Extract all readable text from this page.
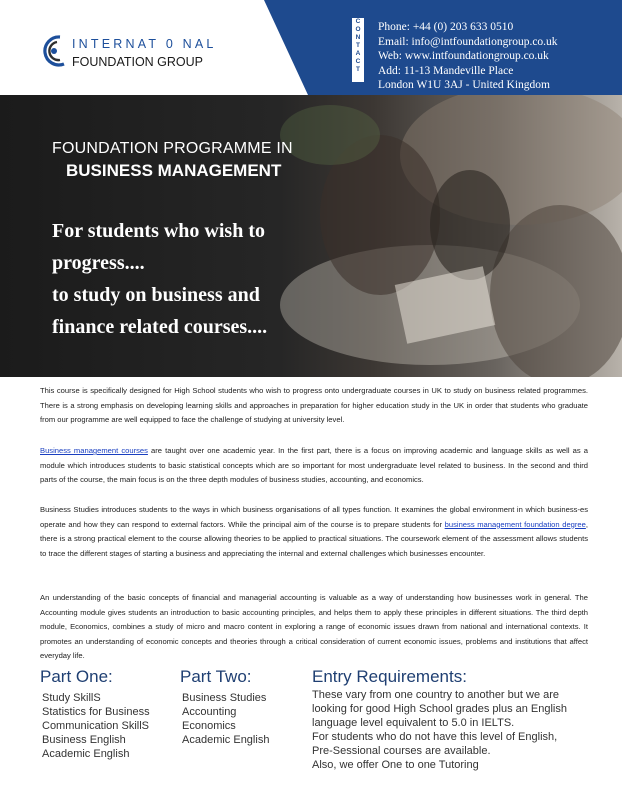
INTERNAT 0 NAL
FOUNDATION GROUP
C
O
N
T
A
C
T
Phone: +44 (0) 203 633 0510
Email: info@intfoundationgroup.co.uk
Web: www.intfoundationgroup.co.uk
Add: 11-13 Mandeville Place
London W1U 3AJ - United Kingdom
FOUNDATION PROGRAMME IN
BUSINESS MANAGEMENT
For students who wish to
progress....
to study on business and
finance related courses....
This course is specifically designed for High School students who wish to progress onto undergraduate courses in UK to study on business related programmes. There is a strong emphasis on developing learning skills and approaches in preparation for higher education study in the UK in order that students who graduate from our programme are well equipped to face the challenge of studying at university level.
Business management courses are taught over one academic year. In the first part, there is a focus on improving academic and language skills as well as a module which introduces students to basic statistical concepts which are so important for most undergraduate level related to business. In the second and third parts of the course, the main focus is on the three depth modules of business studies, accounting, and economics.
Business Studies introduces students to the ways in which business organisations of all types function. It examines the global environment in which business-es operate and how they can respond to external factors. While the principal aim of the course is to prepare students for business management foundation degree, there is a strong practical element to the course allowing theories to be applied to practical situations. The coursework element of the assessment allows students to trace the different stages of starting a business and appreciating the internal and external challenges which businesses encounter.
An understanding of the basic concepts of financial and managerial accounting is valuable as a way of understanding how businesses work in general. The Accounting module gives students an introduction to basic accounting principles, and helps them to apply these principles in different situations. The third depth module, Economics, combines a study of micro and macro content in exploring a range of economic issues drawn from national and international contexts. It promotes an understanding of economic concepts and theories through a critical consideration of current economic issues, problems and institutions that affect everyday life.
Part One:
Study SkillS
Statistics for Business
Communication SkillS
Business English
Academic English
Part Two:
Business Studies
Accounting
Economics
Academic English
Entry Requirements:
These vary from one country to another but we are
looking for good High School grades plus an English
language level equivalent to 5.0 in IELTS.
For students who do not have this level of English,
Pre-Sessional courses are available.
Also, we offer One to one Tutoring
